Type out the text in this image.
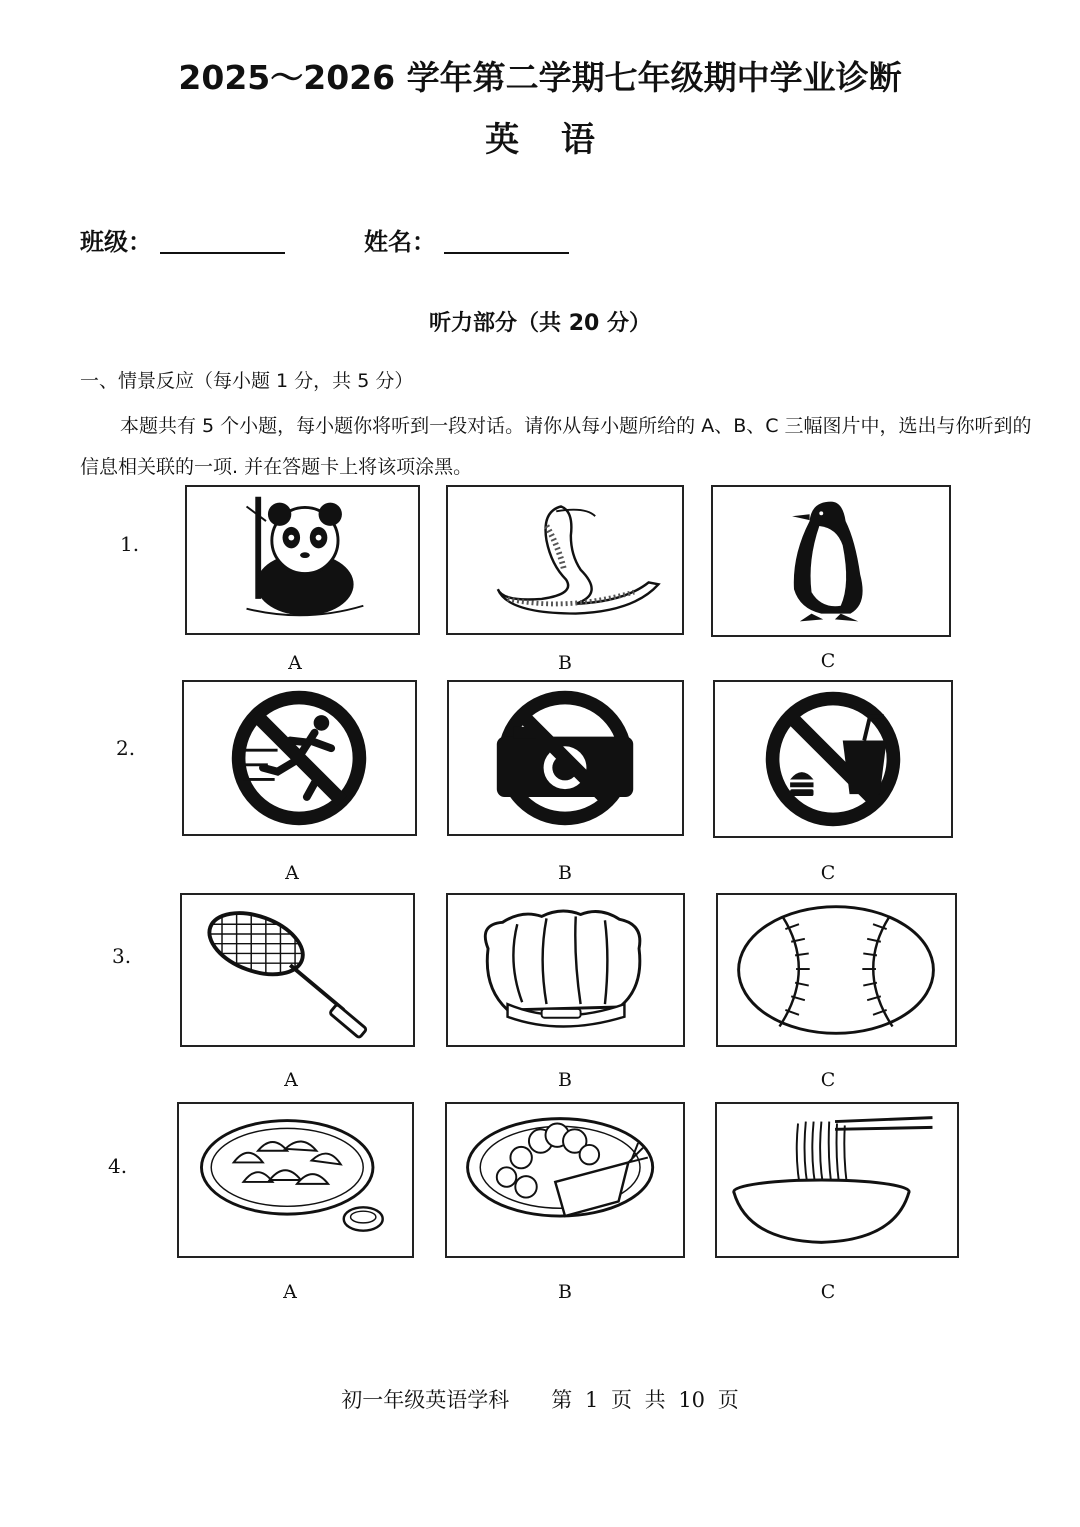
2025～2026 学年第二学期七年级期中学业诊断
英 语
班级：	姓名：
听力部分（共 20 分）
一、情景反应（每小题 1 分，共 5 分）
本题共有 5 个小题，每小题你将听到一段对话。请你从每小题所给的 A、B、C 三幅图片中，选出与你听到的信息相关联的一项. 并在答题卡上将该项涂黑。
1.
A	B	C
2.
A	B	C
3.
A	B	C
4.
A	B	C
初一年级英语学科　　第 1 页 共 10 页
